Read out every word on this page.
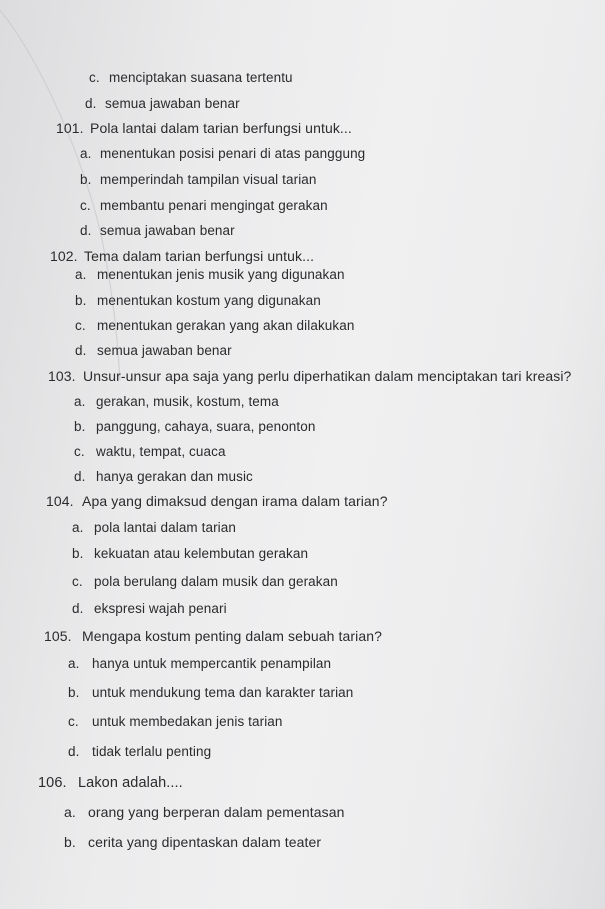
c. menciptakan suasana tertentu
d. semua jawaban benar
101. Pola lantai dalam tarian berfungsi untuk...
a. menentukan posisi penari di atas panggung
b. memperindah tampilan visual tarian
c. membantu penari mengingat gerakan
d. semua jawaban benar
102. Tema dalam tarian berfungsi untuk...
a. menentukan jenis musik yang digunakan
b. menentukan kostum yang digunakan
c. menentukan gerakan yang akan dilakukan
d. semua jawaban benar
103. Unsur-unsur apa saja yang perlu diperhatikan dalam menciptakan tari kreasi?
a. gerakan, musik, kostum, tema
b. panggung, cahaya, suara, penonton
c. waktu, tempat, cuaca
d. hanya gerakan dan music
104. Apa yang dimaksud dengan irama dalam tarian?
a. pola lantai dalam tarian
b. kekuatan atau kelembutan gerakan
c. pola berulang dalam musik dan gerakan
d. ekspresi wajah penari
105. Mengapa kostum penting dalam sebuah tarian?
a. hanya untuk mempercantik penampilan
b. untuk mendukung tema dan karakter tarian
c. untuk membedakan jenis tarian
d. tidak terlalu penting
106. Lakon adalah....
a. orang yang berperan dalam pementasan
b. cerita yang dipentaskan dalam teater
